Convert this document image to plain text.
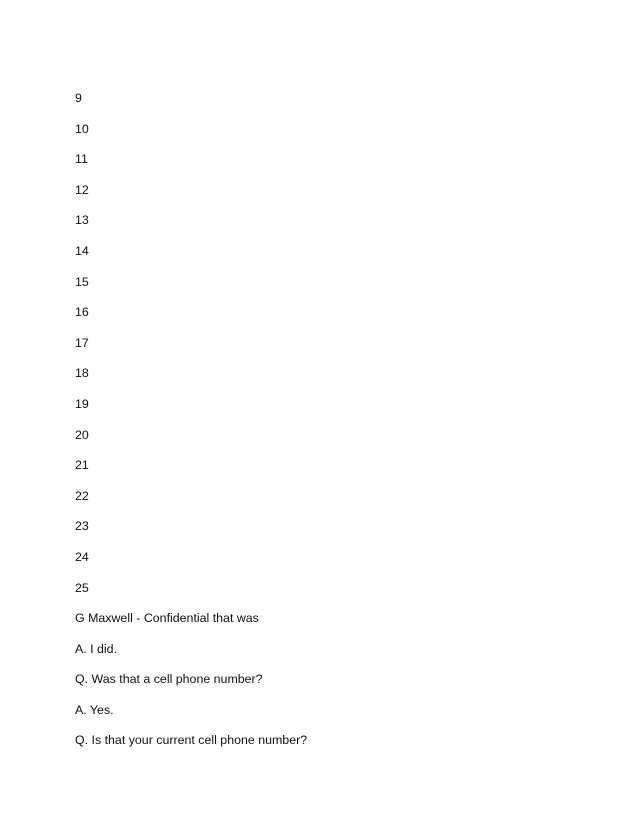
9
10
11
12
13
14
15
16
17
18
19
20
21
22
23
24
25
G Maxwell - Confidential that was
A. I did.
Q. Was that a cell phone number?
A. Yes.
Q. Is that your current cell phone number?
